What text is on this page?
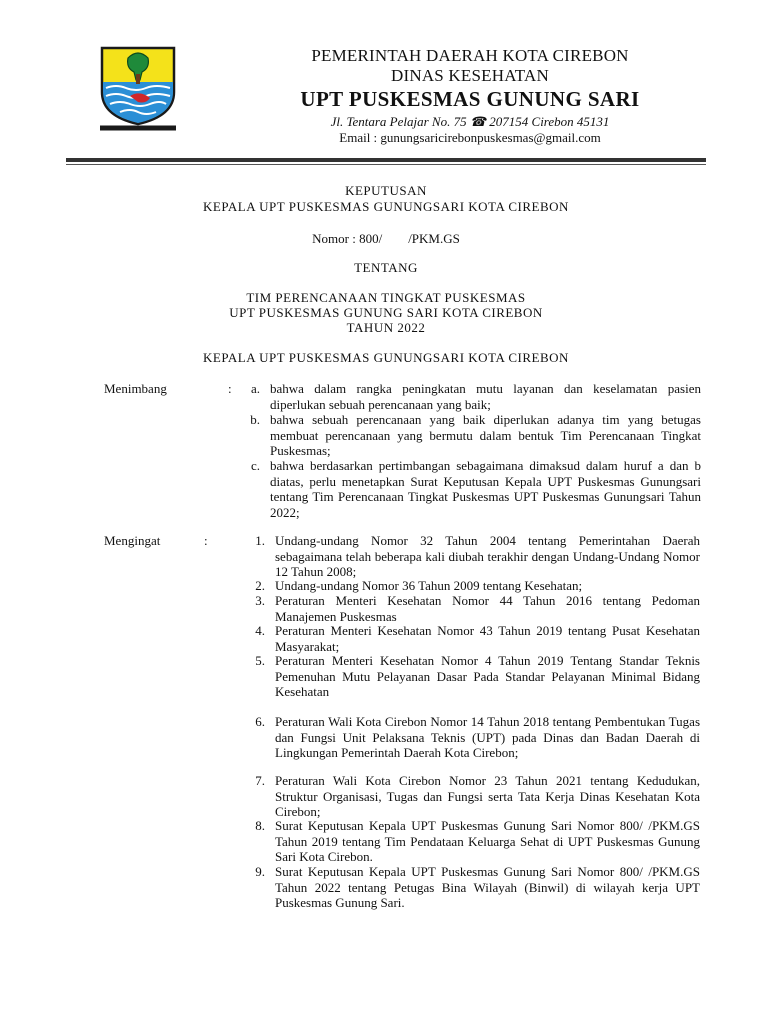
PEMERINTAH DAERAH KOTA CIREBON
DINAS KESEHATAN
UPT PUSKESMAS GUNUNG SARI
Jl. Tentara Pelajar No. 75 ☎ 207154 Cirebon 45131
Email : gunungsaricirebonpuskesmas@gmail.com
KEPUTUSAN
KEPALA UPT PUSKESMAS GUNUNGSARI KOTA CIREBON
Nomor : 800/        /PKM.GS
TENTANG
TIM PERENCANAAN TINGKAT PUSKESMAS
UPT PUSKESMAS GUNUNG SARI KOTA CIREBON
TAHUN 2022
KEPALA UPT PUSKESMAS GUNUNGSARI KOTA CIREBON
Menimbang	:	a. bahwa dalam rangka peningkatan mutu layanan dan keselamatan pasien diperlukan sebuah perencanaan yang baik;
b. bahwa sebuah perencanaan yang baik diperlukan adanya tim yang betugas membuat perencanaan yang bermutu dalam bentuk Tim Perencanaan Tingkat Puskesmas;
c. bahwa berdasarkan pertimbangan sebagaimana dimaksud dalam huruf a dan b diatas, perlu menetapkan Surat Keputusan Kepala UPT Puskesmas Gunungsari tentang Tim Perencanaan Tingkat Puskesmas UPT Puskesmas Gunungsari Tahun 2022;
Mengingat	:	1. Undang-undang Nomor 32 Tahun 2004 tentang Pemerintahan Daerah sebagaimana telah beberapa kali diubah terakhir dengan Undang-Undang Nomor 12 Tahun 2008;
2. Undang-undang Nomor 36 Tahun 2009 tentang Kesehatan;
3. Peraturan Menteri Kesehatan Nomor 44 Tahun 2016 tentang Pedoman Manajemen Puskesmas
4. Peraturan Menteri Kesehatan Nomor 43 Tahun 2019 tentang Pusat Kesehatan Masyarakat;
5. Peraturan Menteri Kesehatan Nomor 4 Tahun 2019 Tentang Standar Teknis Pemenuhan Mutu Pelayanan Dasar Pada Standar Pelayanan Minimal Bidang Kesehatan
6. Peraturan Wali Kota Cirebon Nomor 14 Tahun 2018 tentang Pembentukan Tugas dan Fungsi Unit Pelaksana Teknis (UPT) pada Dinas dan Badan Daerah di Lingkungan Pemerintah Daerah Kota Cirebon;
7. Peraturan Wali Kota Cirebon Nomor 23 Tahun 2021 tentang Kedudukan, Struktur Organisasi, Tugas dan Fungsi serta Tata Kerja Dinas Kesehatan Kota Cirebon;
8. Surat Keputusan Kepala UPT Puskesmas Gunung Sari Nomor 800/ /PKM.GS Tahun 2019 tentang Tim Pendataan Keluarga Sehat di UPT Puskesmas Gunung Sari Kota Cirebon.
9. Surat Keputusan Kepala UPT Puskesmas Gunung Sari Nomor 800/ /PKM.GS Tahun 2022 tentang Petugas Bina Wilayah (Binwil) di wilayah kerja UPT Puskesmas Gunung Sari.
